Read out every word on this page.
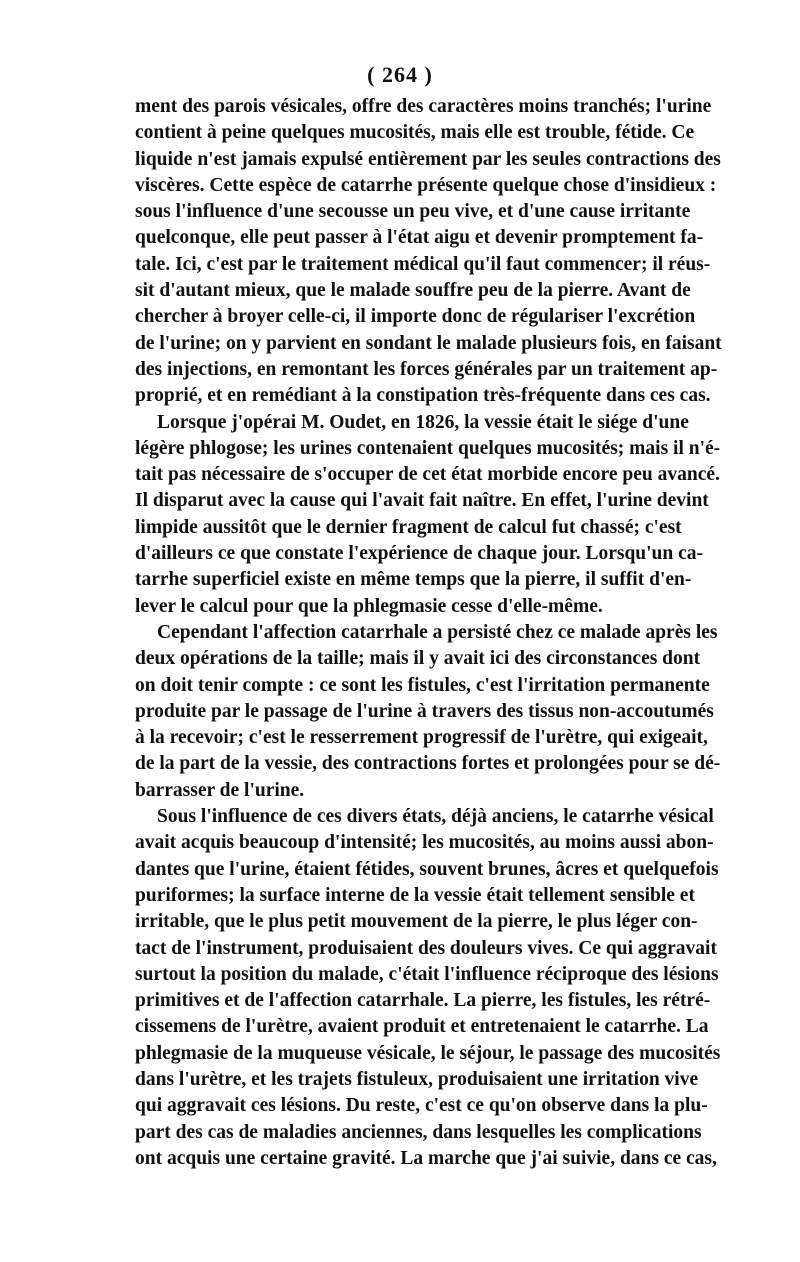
( 264 )
ment des parois vésicales, offre des caractères moins tranchés; l'urine
contient à peine quelques mucosités, mais elle est trouble, fétide. Ce
liquide n'est jamais expulsé entièrement par les seules contractions des
viscères. Cette espèce de catarrhe présente quelque chose d'insidieux :
sous l'influence d'une secousse un peu vive, et d'une cause irritante
quelconque, elle peut passer à l'état aigu et devenir promptement fa-
tale. Ici, c'est par le traitement médical qu'il faut commencer; il réus-
sit d'autant mieux, que le malade souffre peu de la pierre. Avant de
chercher à broyer celle-ci, il importe donc de régulariser l'excrétion
de l'urine; on y parvient en sondant le malade plusieurs fois, en faisant
des injections, en remontant les forces générales par un traitement ap-
proprié, et en remédiant à la constipation très-fréquente dans ces cas.
Lorsque j'opérai M. Oudet, en 1826, la vessie était le siége d'une
légère phlogose; les urines contenaient quelques mucosités; mais il n'é-
tait pas nécessaire de s'occuper de cet état morbide encore peu avancé.
Il disparut avec la cause qui l'avait fait naître. En effet, l'urine devint
limpide aussitôt que le dernier fragment de calcul fut chassé; c'est
d'ailleurs ce que constate l'expérience de chaque jour. Lorsqu'un ca-
tarrhe superficiel existe en même temps que la pierre, il suffit d'en-
lever le calcul pour que la phlegmasie cesse d'elle-même.
Cependant l'affection catarrhale a persisté chez ce malade après les
deux opérations de la taille; mais il y avait ici des circonstances dont
on doit tenir compte : ce sont les fistules, c'est l'irritation permanente
produite par le passage de l'urine à travers des tissus non-accoutumés
à la recevoir; c'est le resserrement progressif de l'urètre, qui exigeait,
de la part de la vessie, des contractions fortes et prolongées pour se dé-
barrasser de l'urine.
Sous l'influence de ces divers états, déjà anciens, le catarrhe vésical
avait acquis beaucoup d'intensité; les mucosités, au moins aussi abon-
dantes que l'urine, étaient fétides, souvent brunes, âcres et quelquefois
puriformes; la surface interne de la vessie était tellement sensible et
irritable, que le plus petit mouvement de la pierre, le plus léger con-
tact de l'instrument, produisaient des douleurs vives. Ce qui aggravait
surtout la position du malade, c'était l'influence réciproque des lésions
primitives et de l'affection catarrhale. La pierre, les fistules, les rétré-
cissemens de l'urètre, avaient produit et entretenaient le catarrhe. La
phlegmasie de la muqueuse vésicale, le séjour, le passage des mucosités
dans l'urètre, et les trajets fistuleux, produisaient une irritation vive
qui aggravait ces lésions. Du reste, c'est ce qu'on observe dans la plu-
part des cas de maladies anciennes, dans lesquelles les complications
ont acquis une certaine gravité. La marche que j'ai suivie, dans ce cas,
